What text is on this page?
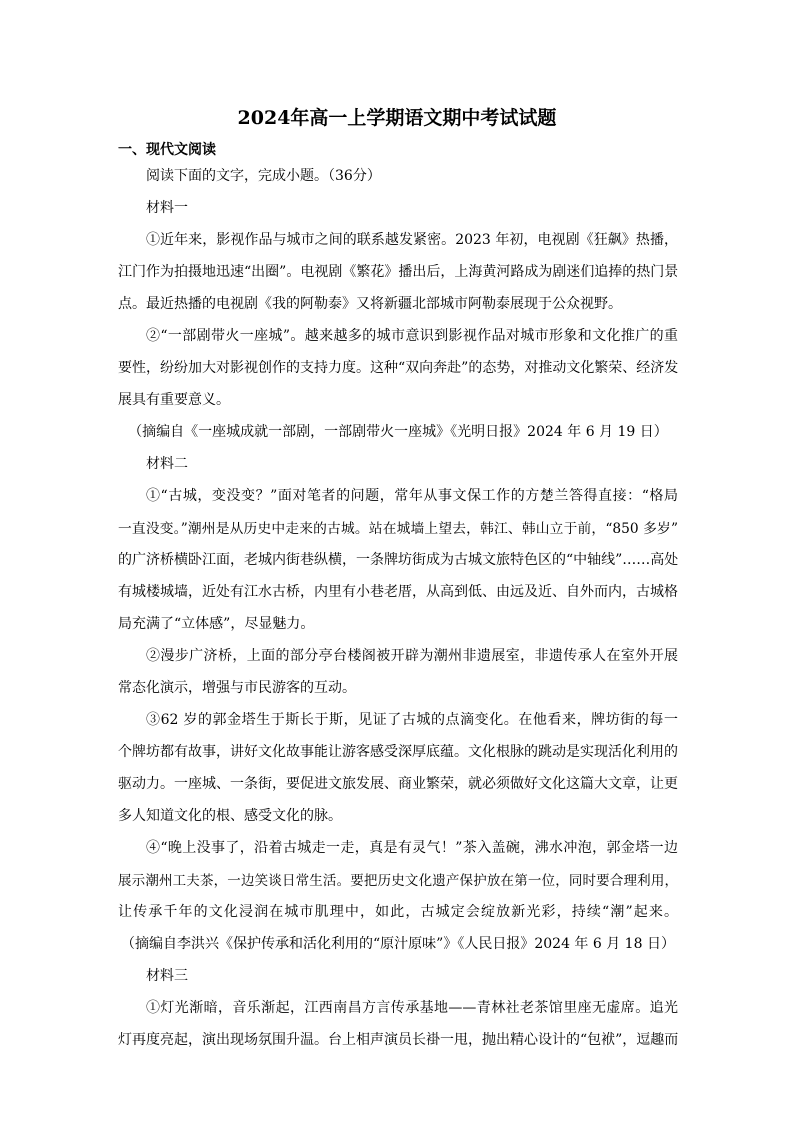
2024年高一上学期语文期中考试试题
一、现代文阅读
阅读下面的文字，完成小题。（36分）
材料一
①近年来，影视作品与城市之间的联系越发紧密。2023 年初，电视剧《狂飙》热播，
江门作为拍摄地迅速“出圈”。电视剧《繁花》播出后，上海黄河路成为剧迷们追捧的热门景
点。最近热播的电视剧《我的阿勒泰》又将新疆北部城市阿勒泰展现于公众视野。
②“一部剧带火一座城”。越来越多的城市意识到影视作品对城市形象和文化推广的重
要性，纷纷加大对影视创作的支持力度。这种“双向奔赴”的态势，对推动文化繁荣、经济发
展具有重要意义。
（摘编自《一座城成就一部剧，一部剧带火一座城》《光明日报》2024 年 6 月 19 日）
材料二
①“古城，变没变？”面对笔者的问题，常年从事文保工作的方楚兰答得直接：“格局
一直没变。”潮州是从历史中走来的古城。站在城墙上望去，韩江、韩山立于前，“850 多岁”
的广济桥横卧江面，老城内街巷纵横，一条牌坊街成为古城文旅特色区的“中轴线”……高处
有城楼城墙，近处有江水古桥，内里有小巷老厝，从高到低、由远及近、自外而内，古城格
局充满了“立体感”，尽显魅力。
②漫步广济桥，上面的部分亭台楼阁被开辟为潮州非遗展室，非遗传承人在室外开展
常态化演示，增强与市民游客的互动。
③62 岁的郭金塔生于斯长于斯，见证了古城的点滴变化。在他看来，牌坊街的每一
个牌坊都有故事，讲好文化故事能让游客感受深厚底蕴。文化根脉的跳动是实现活化利用的
驱动力。一座城、一条街，要促进文旅发展、商业繁荣，就必须做好文化这篇大文章，让更
多人知道文化的根、感受文化的脉。
④“晚上没事了，沿着古城走一走，真是有灵气！”茶入盖碗，沸水冲泡，郭金塔一边
展示潮州工夫茶，一边笑谈日常生活。要把历史文化遗产保护放在第一位，同时要合理利用，
让传承千年的文化浸润在城市肌理中，如此，古城定会绽放新光彩，持续“潮”起来。
（摘编自李洪兴《保护传承和活化利用的“原汁原味”》《人民日报》2024 年 6 月 18 日）
材料三
①灯光渐暗，音乐渐起，江西南昌方言传承基地——青林社老茶馆里座无虚席。追光
灯再度亮起，演出现场氛围升温。台上相声演员长褂一甩，抛出精心设计的“包袱”，逗趣而
